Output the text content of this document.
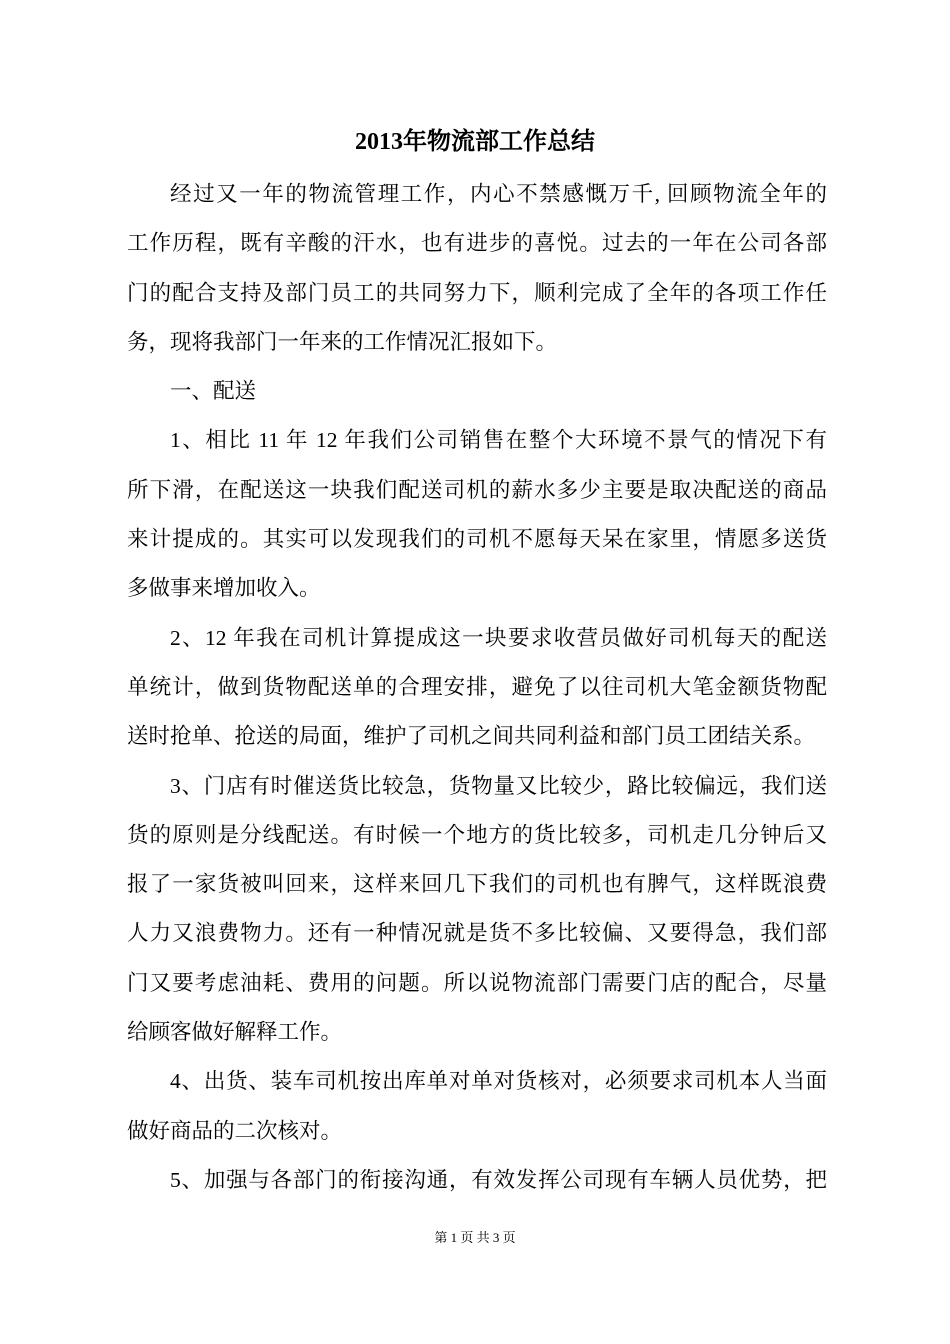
2013年物流部工作总结
经过又一年的物流管理工作，内心不禁感慨万千, 回顾物流全年的
工作历程，既有辛酸的汗水，也有进步的喜悦。过去的一年在公司各部
门的配合支持及部门员工的共同努力下，顺利完成了全年的各项工作任
务，现将我部门一年来的工作情况汇报如下。
一、配送
1、相比 11 年 12 年我们公司销售在整个大环境不景气的情况下有
所下滑，在配送这一块我们配送司机的薪水多少主要是取决配送的商品
来计提成的。其实可以发现我们的司机不愿每天呆在家里，情愿多送货
多做事来增加收入。
2、12 年我在司机计算提成这一块要求收营员做好司机每天的配送
单统计，做到货物配送单的合理安排，避免了以往司机大笔金额货物配
送时抢单、抢送的局面，维护了司机之间共同利益和部门员工团结关系。
3、门店有时催送货比较急，货物量又比较少，路比较偏远，我们送
货的原则是分线配送。有时候一个地方的货比较多，司机走几分钟后又
报了一家货被叫回来，这样来回几下我们的司机也有脾气，这样既浪费
人力又浪费物力。还有一种情况就是货不多比较偏、又要得急，我们部
门又要考虑油耗、费用的问题。所以说物流部门需要门店的配合，尽量
给顾客做好解释工作。
4、出货、装车司机按出库单对单对货核对，必须要求司机本人当面
做好商品的二次核对。
5、加强与各部门的衔接沟通，有效发挥公司现有车辆人员优势，把
第 1 页 共 3 页
